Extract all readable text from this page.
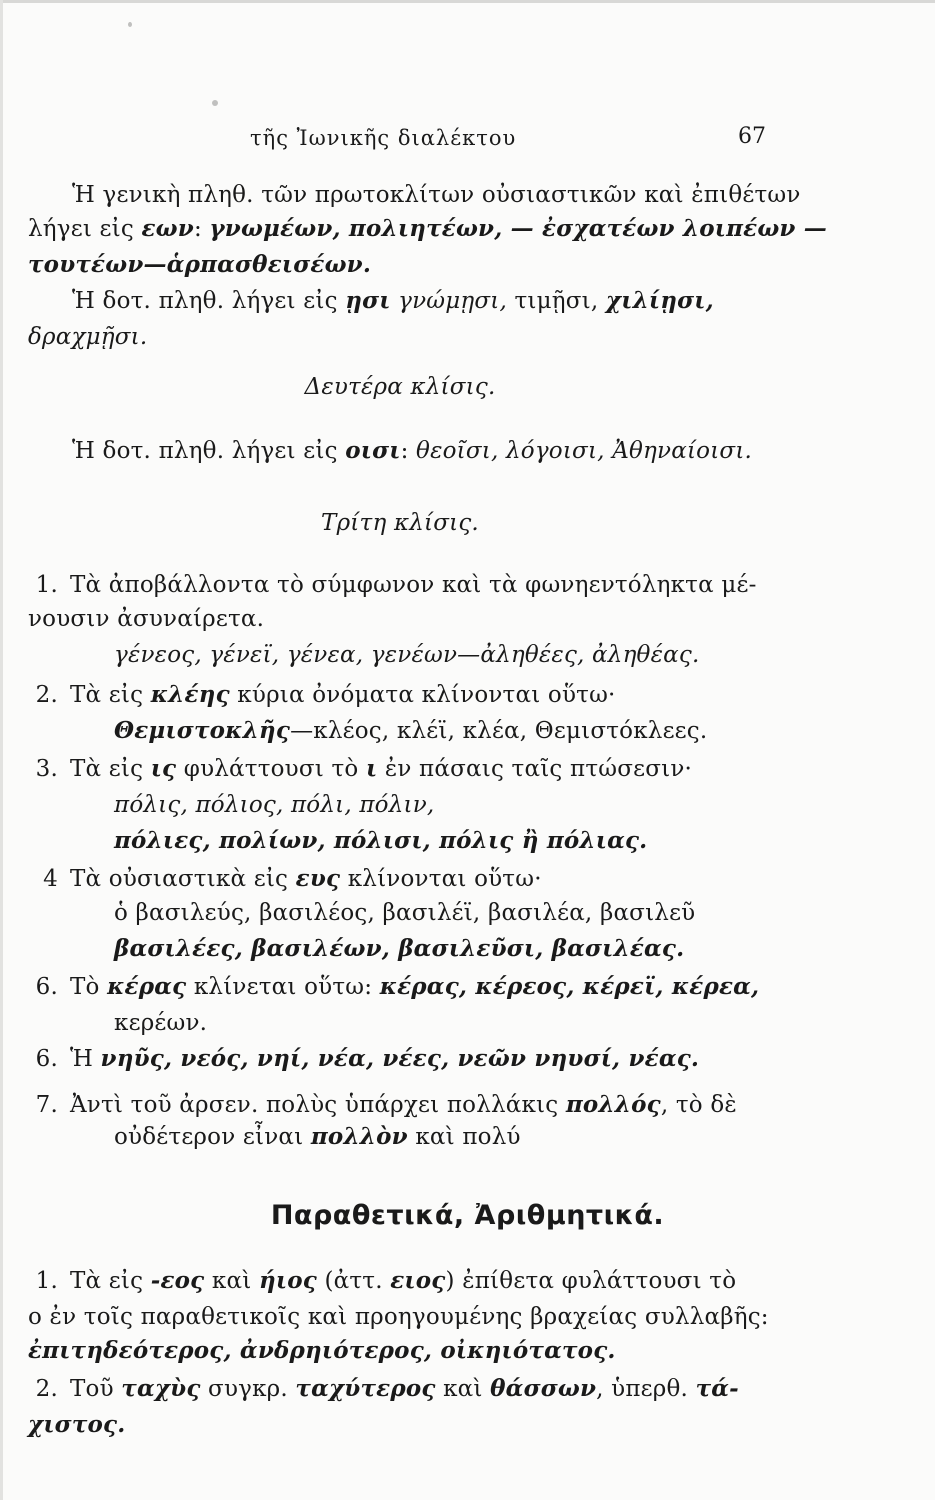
τῆς Ἰωνικῆς διαλέκτου	67
Ἡ γενικὴ πληθ. τῶν πρωτοκλίτων οὐσιαστικῶν καὶ ἐπιθέτων
λήγει εἰς εων: γνωμέων, πολιητέων, — ἐσχατέων λοιπέων —
τουτέων—ἁρπασθεισέων.
Ἡ δοτ. πληθ. λήγει εἰς ῃσι γνώμῃσι, τιμῇσι, χιλίῃσι,
δραχμῇσι.
Δευτέρα κλίσις.
Ἡ δοτ. πληθ. λήγει εἰς οισι: θεοῖσι, λόγοισι, Ἀθηναίοισι.
Τρίτη κλίσις.
1. Τὰ ἀποβάλλοντα τὸ σύμφωνον καὶ τὰ φωνηεντόληκτα μέ-
νουσιν ἀσυναίρετα.
γένεος, γένεϊ, γένεα, γενέων—ἀληθέες, ἀληθέας.
2. Τὰ εἰς κλέης κύρια ὀνόματα κλίνονται οὕτω·
Θεμιστοκλῆς—κλέος, κλέϊ, κλέα, Θεμιστόκλεες.
3. Τὰ εἰς ις φυλάττουσι τὸ ι ἐν πάσαις ταῖς πτώσεσιν·
πόλις, πόλιος, πόλι, πόλιν,
πόλιες, πολίων, πόλισι, πόλις ἢ πόλιας.
4 Τὰ οὐσιαστικὰ εἰς ευς κλίνονται οὕτω·
ὁ βασιλεύς, βασιλέος, βασιλέϊ, βασιλέα, βασιλεῦ
βασιλέες, βασιλέων, βασιλεῦσι, βασιλέας.
6. Τὸ κέρας κλίνεται οὕτω: κέρας, κέρεος, κέρεϊ, κέρεα,
κερέων.
6. Ἡ νηῦς, νεός, νηί, νέα, νέες, νεῶν νηυσί, νέας.
7. Ἀντὶ τοῦ ἀρσεν. πολὺς ὑπάρχει πολλάκις πολλός, τὸ δὲ
οὐδέτερον εἶναι πολλὸν καὶ πολύ
Παραθετικά, Ἀριθμητικά.
1. Τὰ εἰς -εος καὶ ήιος (ἀττ. ειος) ἐπίθετα φυλάττουσι τὸ
ο ἐν τοῖς παραθετικοῖς καὶ προηγουμένης βραχείας συλλαβῆς:
ἐπιτηδεότερος, ἀνδρηιότερος, οἰκηιότατος.
2. Τοῦ ταχὺς συγκρ. ταχύτερος καὶ θάσσων, ὑπερθ. τά-
χιστος.
